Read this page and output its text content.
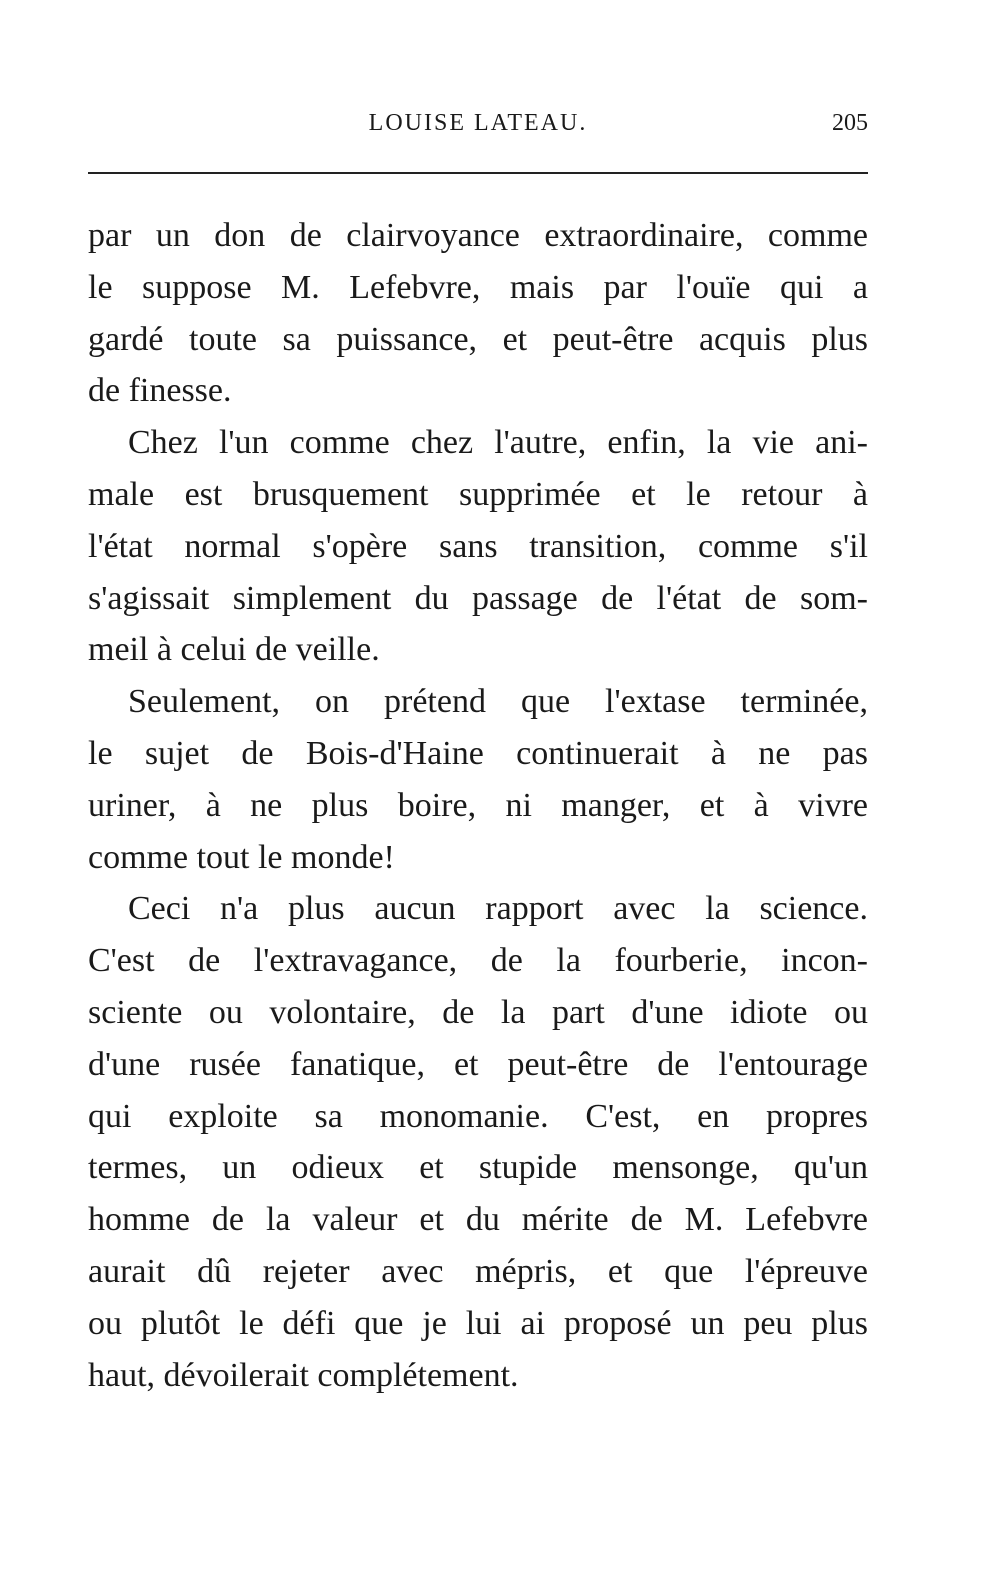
LOUISE LATEAU.	205
par un don de clairvoyance extraordinaire, comme
le suppose M. Lefebvre, mais par l'ouïe qui a
gardé toute sa puissance, et peut-être acquis plus
de finesse.
Chez l'un comme chez l'autre, enfin, la vie ani-
male est brusquement supprimée et le retour à
l'état normal s'opère sans transition, comme s'il
s'agissait simplement du passage de l'état de som-
meil à celui de veille.
Seulement, on prétend que l'extase terminée,
le sujet de Bois-d'Haine continuerait à ne pas
uriner, à ne plus boire, ni manger, et à vivre
comme tout le monde!
Ceci n'a plus aucun rapport avec la science.
C'est de l'extravagance, de la fourberie, incon-
sciente ou volontaire, de la part d'une idiote ou
d'une rusée fanatique, et peut-être de l'entourage
qui exploite sa monomanie. C'est, en propres
termes, un odieux et stupide mensonge, qu'un
homme de la valeur et du mérite de M. Lefebvre
aurait dû rejeter avec mépris, et que l'épreuve
ou plutôt le défi que je lui ai proposé un peu plus
haut, dévoilerait complétement.
